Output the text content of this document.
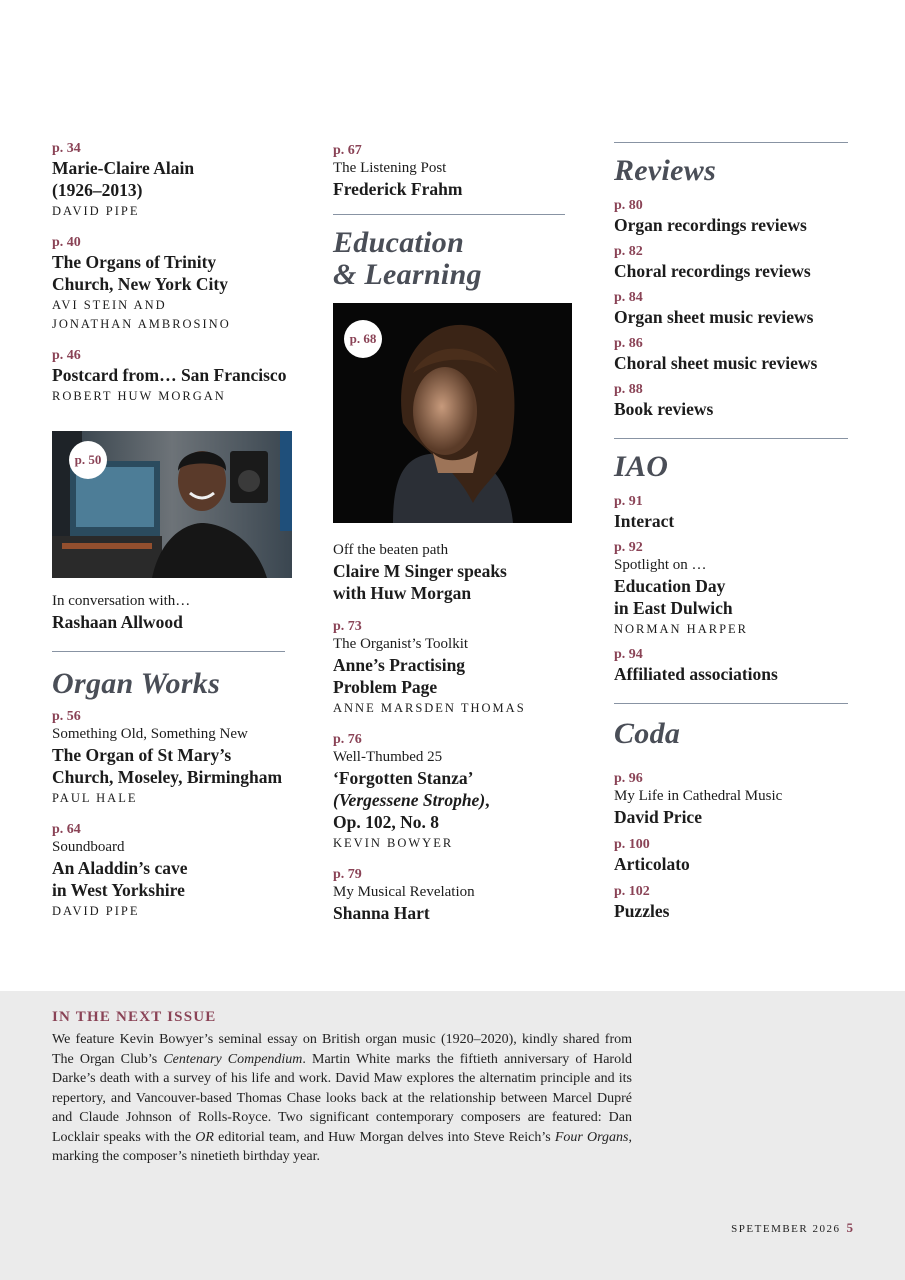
p. 34
Marie-Claire Alain
(1926–2013)
DAVID PIPE
p. 40
The Organs of Trinity
Church, New York City
AVI STEIN AND
JONATHAN AMBROSINO
p. 46
Postcard from… San Francisco
ROBERT HUW MORGAN
p. 50
In conversation with…
Rashaan Allwood
Organ Works
p. 56
Something Old, Something New
The Organ of St Mary’s
Church, Moseley, Birmingham
PAUL HALE
p. 64
Soundboard
An Aladdin’s cave
in West Yorkshire
DAVID PIPE
p. 67
The Listening Post
Frederick Frahm
Education
& Learning
p. 68
Off the beaten path
Claire M Singer speaks
with Huw Morgan
p. 73
The Organist’s Toolkit
Anne’s Practising
Problem Page
ANNE MARSDEN THOMAS
p. 76
Well-Thumbed 25
‘Forgotten Stanza’
(Vergessene Strophe),
Op. 102, No. 8
KEVIN BOWYER
p. 79
My Musical Revelation
Shanna Hart
Reviews
p. 80
Organ recordings reviews
p. 82
Choral recordings reviews
p. 84
Organ sheet music reviews
p. 86
Choral sheet music reviews
p. 88
Book reviews
IAO
p. 91
Interact
p. 92
Spotlight on …
Education Day
in East Dulwich
NORMAN HARPER
p. 94
Affiliated associations
Coda
p. 96
My Life in Cathedral Music
David Price
p. 100
Articolato
p. 102
Puzzles
IN THE NEXT ISSUE
We feature Kevin Bowyer’s seminal essay on British organ music (1920–2020), kindly shared from The Organ Club’s Centenary Compendium. Martin White marks the fiftieth anniversary of Harold Darke’s death with a survey of his life and work. David Maw explores the alternatim principle and its repertory, and Vancouver-based Thomas Chase looks back at the relationship between Marcel Dupré and Claude Johnson of Rolls-Royce. Two significant contemporary composers are featured: Dan Locklair speaks with the OR editorial team, and Huw Morgan delves into Steve Reich’s Four Organs, marking the composer’s ninetieth birthday year.
SPETEMBER 2026 5
